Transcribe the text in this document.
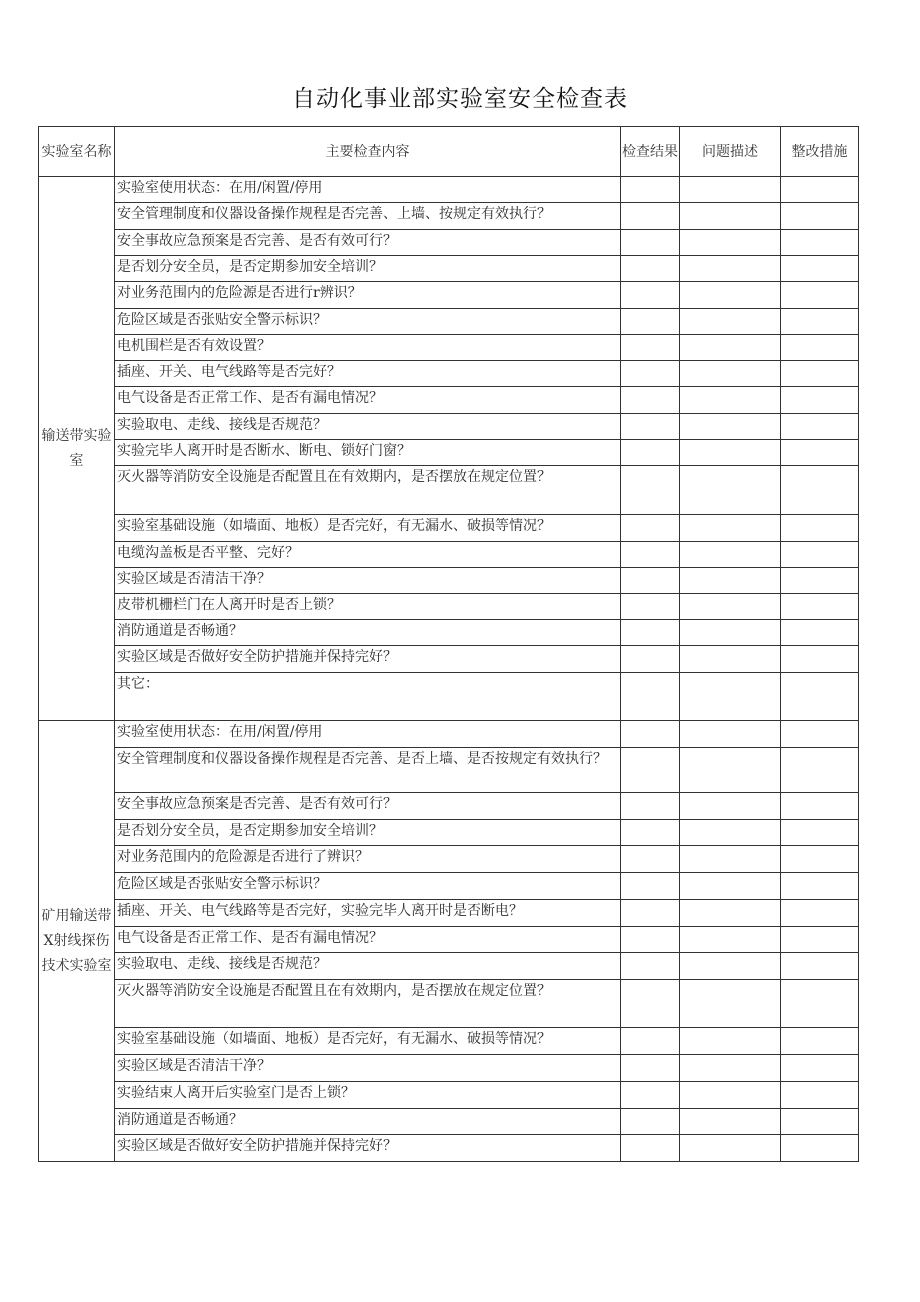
自动化事业部实验室安全检查表
实验室名称	主要检查内容	检查结果	问题描述	整改措施
输送带实验室	实验室使用状态：在用/闲置/停用			
	安全管理制度和仪器设备操作规程是否完善、上墙、按规定有效执行？			
	安全事故应急预案是否完善、是否有效可行？			
	是否划分安全员，是否定期参加安全培训？			
	对业务范围内的危险源是否进行r辨识？			
	危险区域是否张贴安全警示标识？			
	电机围栏是否有效设置？			
	插座、开关、电气线路等是否完好？			
	电气设备是否正常工作、是否有漏电情况？			
	实验取电、走线、接线是否规范？			
	实验完毕人离开时是否断水、断电、锁好门窗？			
	灭火器等消防安全设施是否配置且在有效期内，是否摆放在规定位置？			
	实验室基础设施（如墙面、地板）是否完好，有无漏水、破损等情况？			
	电缆沟盖板是否平整、完好？			
	实验区域是否清洁干净？			
	皮带机栅栏门在人离开时是否上锁？			
	消防通道是否畅通？			
	实验区域是否做好安全防护措施并保持完好？			
	其它：			
矿用输送带X射线探伤技术实验室	实验室使用状态：在用/闲置/停用			
	安全管理制度和仪器设备操作规程是否完善、是否上墙、是否按规定有效执行？			
	安全事故应急预案是否完善、是否有效可行？			
	是否划分安全员，是否定期参加安全培训？			
	对业务范围内的危险源是否进行了辨识？			
	危险区域是否张贴安全警示标识？			
	插座、开关、电气线路等是否完好，实验完毕人离开时是否断电？			
	电气设备是否正常工作、是否有漏电情况？			
	实验取电、走线、接线是否规范？			
	灭火器等消防安全设施是否配置且在有效期内，是否摆放在规定位置？			
	实验室基础设施（如墙面、地板）是否完好，有无漏水、破损等情况？			
	实验区域是否清洁干净？			
	实验结束人离开后实验室门是否上锁？			
	消防通道是否畅通？			
	实验区域是否做好安全防护措施并保持完好？			
